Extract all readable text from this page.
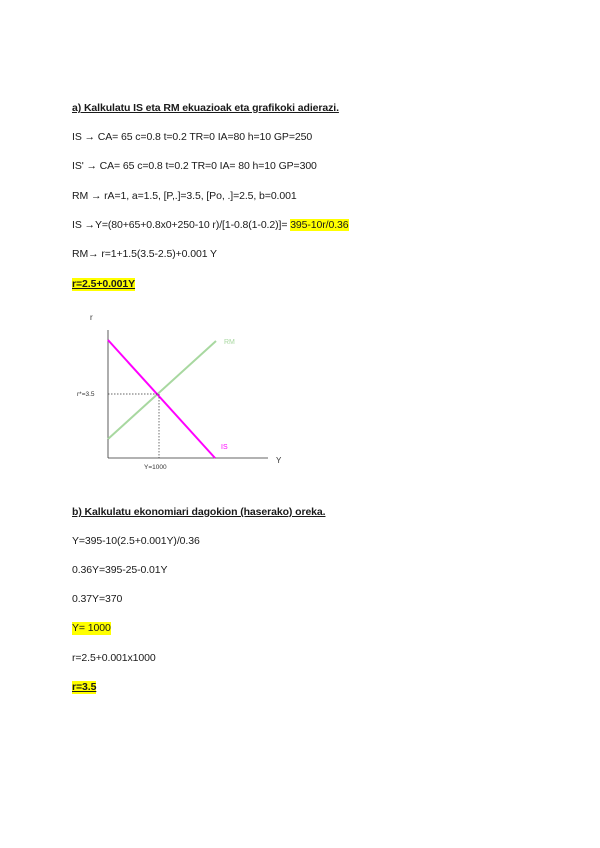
a) Kalkulatu IS eta RM ekuazioak eta grafikoki adierazi.
IS → CA= 65 c=0.8 t=0.2 TR=0 IA=80 h=10 GP=250
IS' → CA= 65 c=0.8 t=0.2 TR=0 IA= 80 h=10 GP=300
RM → rA=1, a=1.5, [P,.]=3.5, [Po, .]=2.5, b=0.001
IS →Y=(80+65+0.8x0+250-10 r)/[1-0.8(1-0.2)]= 395-10r/0.36
RM→ r=1+1.5(3.5-2.5)+0.001 Y
r=2.5+0.001Y
r
Y
RM
IS
r*=3.5
Y=1000
b) Kalkulatu ekonomiari dagokion (haserako) oreka.
Y=395-10(2.5+0.001Y)/0.36
0.36Y=395-25-0.01Y
0.37Y=370
Y= 1000
r=2.5+0.001x1000
r=3.5
